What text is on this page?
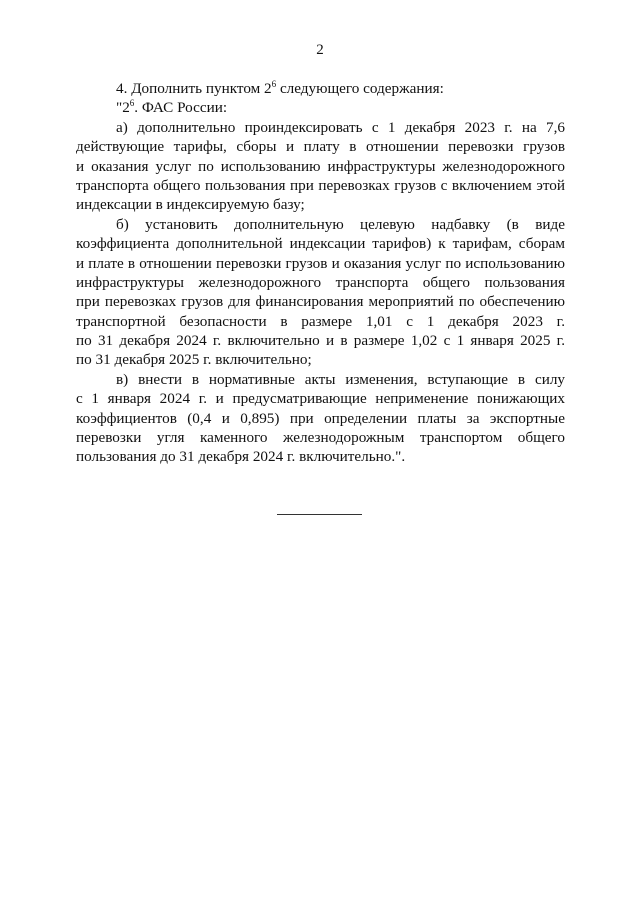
2
4. Дополнить пунктом $2^6$ следующего содержания:
"$2^6$. ФАС России:
а) дополнительно проиндексировать с 1 декабря 2023 г. на 7,6
действующие тарифы, сборы и плату в отношении перевозки грузов
и оказания услуг по использованию инфраструктуры железнодорожного
транспорта общего пользования при перевозках грузов с включением этой
индексации в индексируемую базу;
б) установить дополнительную целевую надбавку (в виде
коэффициента дополнительной индексации тарифов) к тарифам, сборам
и плате в отношении перевозки грузов и оказания услуг по использованию
инфраструктуры железнодорожного транспорта общего пользования
при перевозках грузов для финансирования мероприятий по обеспечению
транспортной безопасности в размере 1,01 с 1 декабря 2023 г.
по 31 декабря 2024 г. включительно и в размере 1,02 с 1 января 2025 г.
по 31 декабря 2025 г. включительно;
в) внести в нормативные акты изменения, вступающие в силу
с 1 января 2024 г. и предусматривающие неприменение понижающих
коэффициентов (0,4 и 0,895) при определении платы за экспортные
перевозки угля каменного железнодорожным транспортом общего
пользования до 31 декабря 2024 г. включительно.".
